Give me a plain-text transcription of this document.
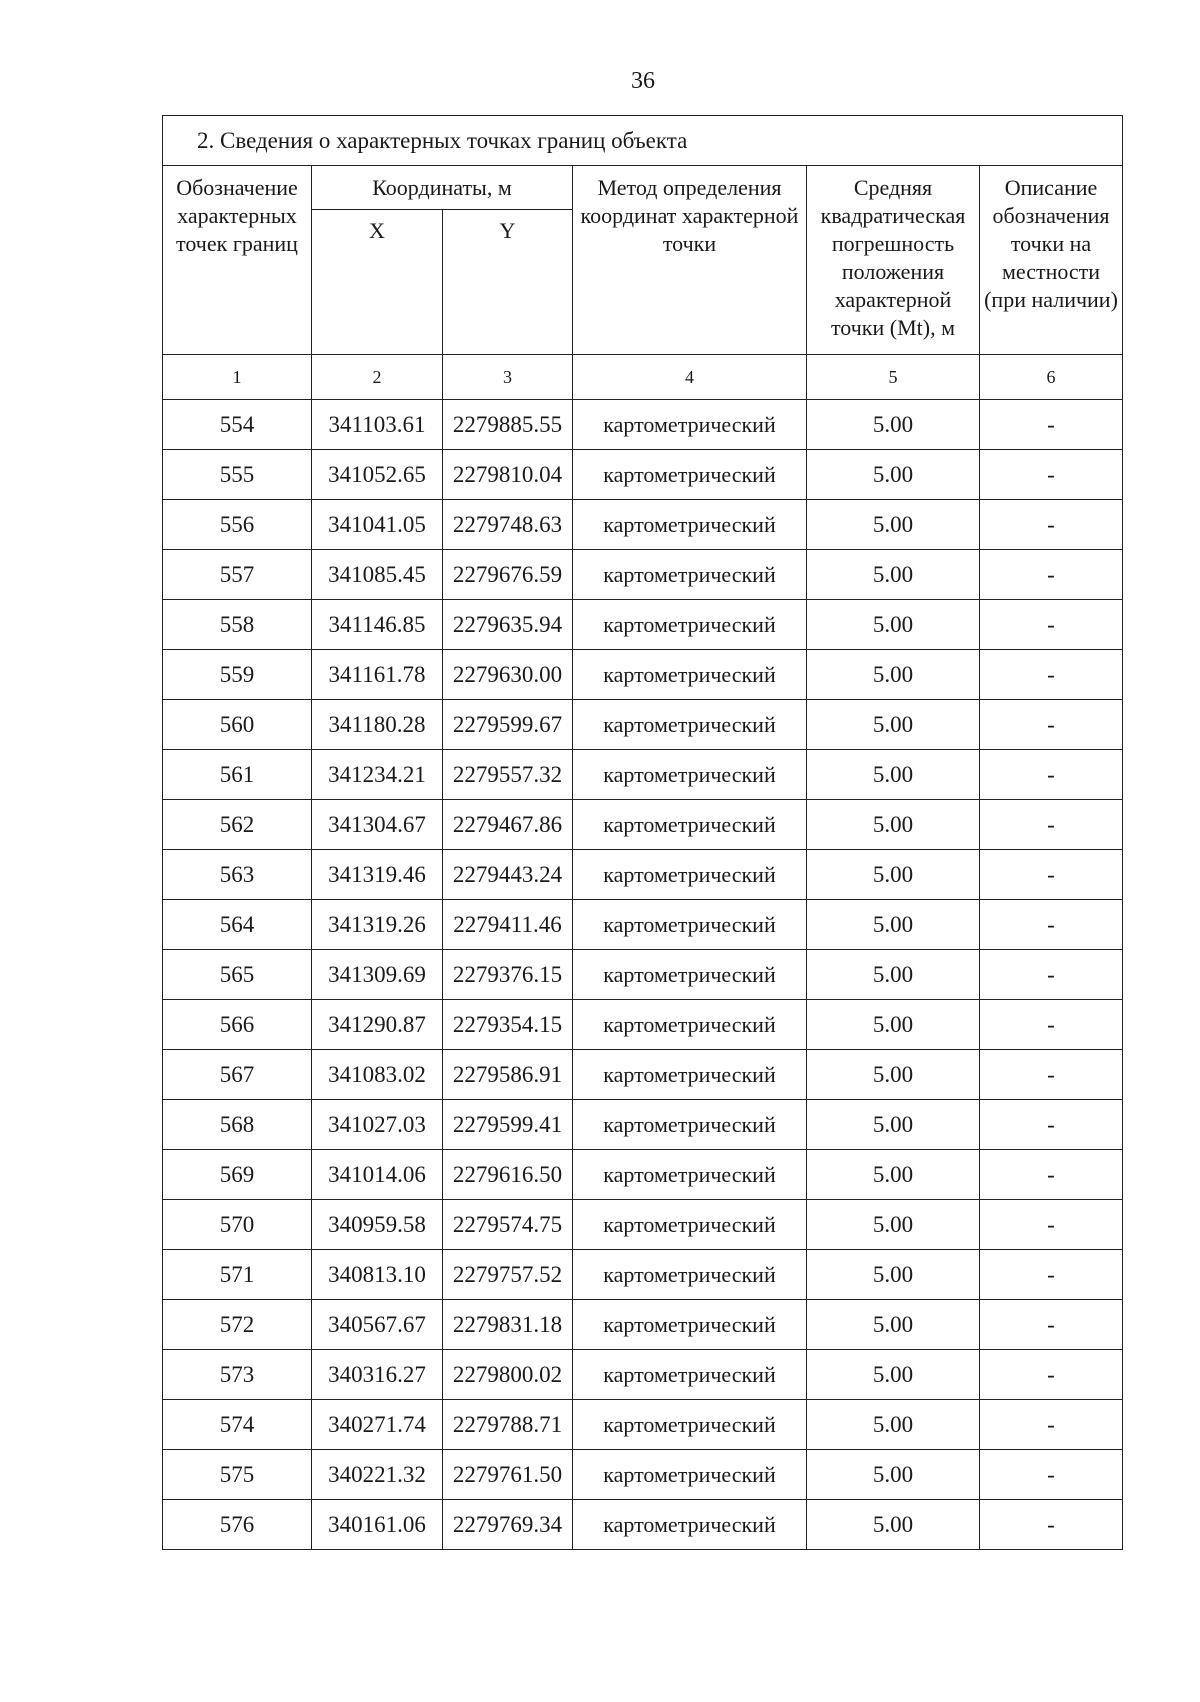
36
2. Сведения о характерных точках границ объекта					
Обозначение характерных точек границ	Координаты, м		Метод определения координат характерной точки	Средняя квадратическая погрешность положения характерной точки (Mt), м	Описание обозначения точки на местности (при наличии)
	X	Y			
1	2	3	4	5	6
554	341103.61	2279885.55	картометрический	5.00	-
555	341052.65	2279810.04	картометрический	5.00	-
556	341041.05	2279748.63	картометрический	5.00	-
557	341085.45	2279676.59	картометрический	5.00	-
558	341146.85	2279635.94	картометрический	5.00	-
559	341161.78	2279630.00	картометрический	5.00	-
560	341180.28	2279599.67	картометрический	5.00	-
561	341234.21	2279557.32	картометрический	5.00	-
562	341304.67	2279467.86	картометрический	5.00	-
563	341319.46	2279443.24	картометрический	5.00	-
564	341319.26	2279411.46	картометрический	5.00	-
565	341309.69	2279376.15	картометрический	5.00	-
566	341290.87	2279354.15	картометрический	5.00	-
567	341083.02	2279586.91	картометрический	5.00	-
568	341027.03	2279599.41	картометрический	5.00	-
569	341014.06	2279616.50	картометрический	5.00	-
570	340959.58	2279574.75	картометрический	5.00	-
571	340813.10	2279757.52	картометрический	5.00	-
572	340567.67	2279831.18	картометрический	5.00	-
573	340316.27	2279800.02	картометрический	5.00	-
574	340271.74	2279788.71	картометрический	5.00	-
575	340221.32	2279761.50	картометрический	5.00	-
576	340161.06	2279769.34	картометрический	5.00	-
